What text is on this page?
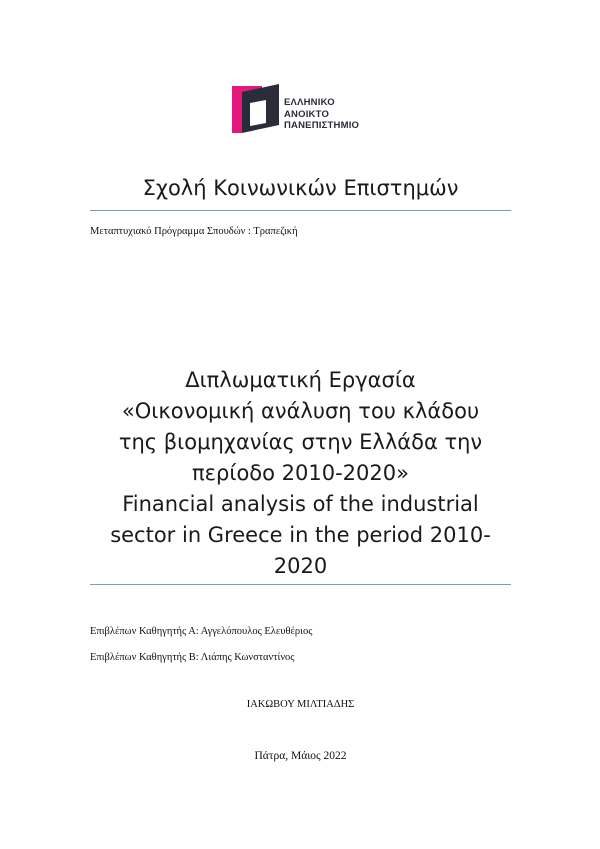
ΕΛΛΗΝΙΚΟ
ΑΝΟΙΚΤΟ
ΠΑΝΕΠΙΣΤΗΜΙΟ
Σχολή Κοινωνικών Επιστημών
Μεταπτυχιακό Πρόγραμμα Σπουδών : Τραπεζική
Διπλωματική Εργασία
«Οικονομική ανάλυση του κλάδου
της βιομηχανίας στην Ελλάδα την
περίοδο 2010-2020»
Financial analysis of the industrial
sector in Greece in the period 2010-
2020
Επιβλέπων Καθηγητής Α: Αγγελόπουλος Ελευθέριος
Επιβλέπων Καθηγητής Β: Λιάπης Κωνσταντίνος
ΙΑΚΩΒΟΥ ΜΙΛΤΙΑΔΗΣ
Πάτρα, Μάιος 2022
